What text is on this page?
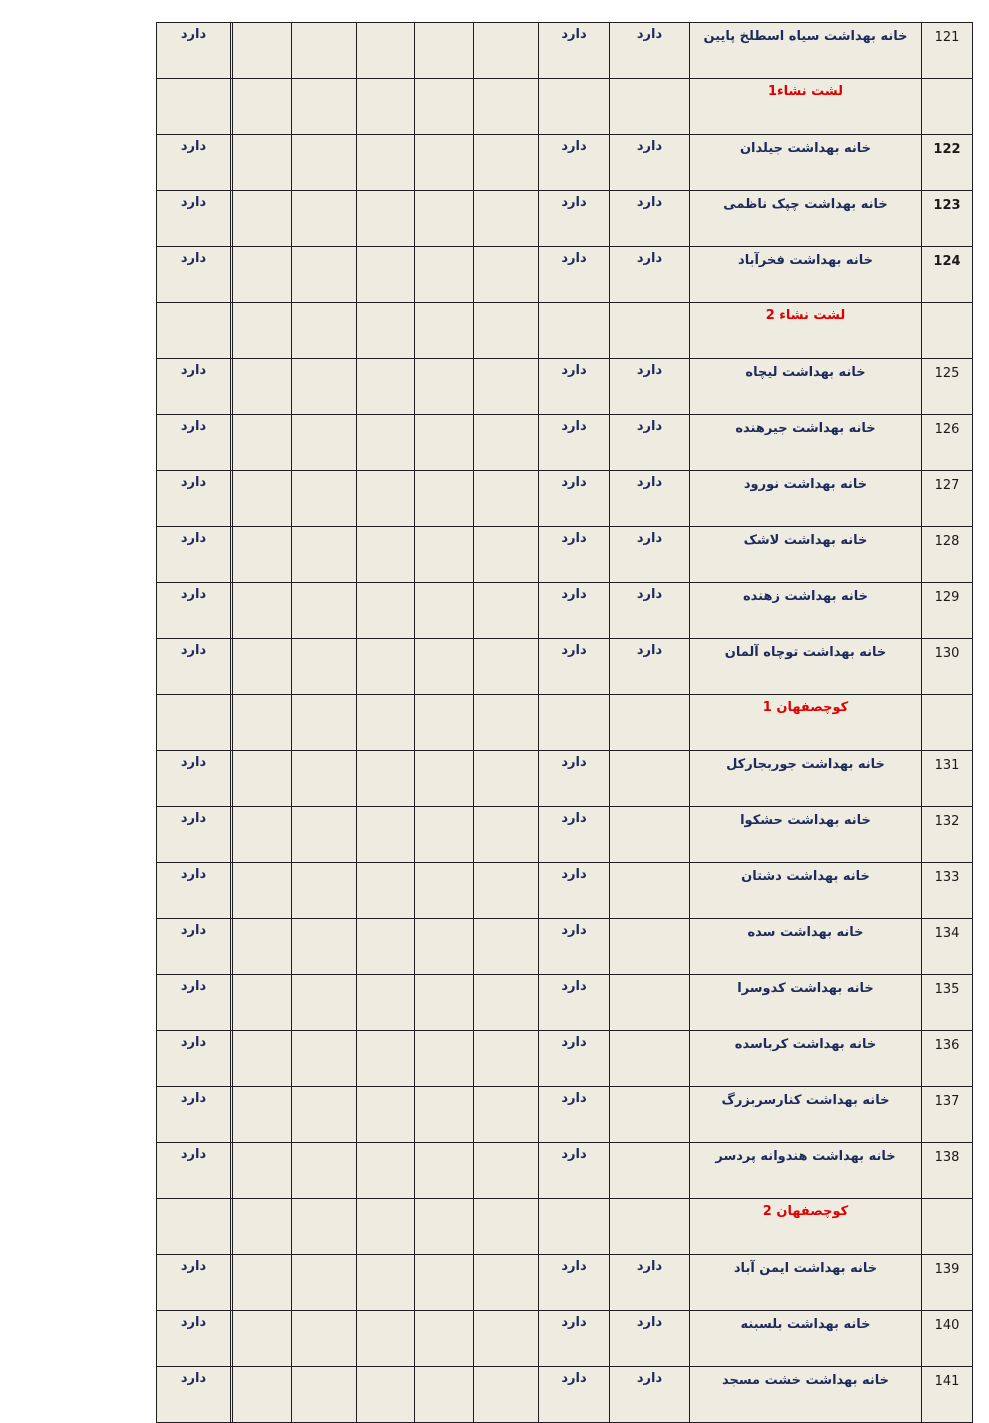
121	خانه بهداشت سیاه اسطلخ پایین	دارد	دارد							دارد
	لشت نشاء1									
122	خانه بهداشت جیلدان	دارد	دارد							دارد
123	خانه بهداشت چپک ناظمی	دارد	دارد							دارد
124	خانه بهداشت فخرآباد	دارد	دارد							دارد
	لشت نشاء 2									
125	خانه بهداشت لیچاه	دارد	دارد							دارد
126	خانه بهداشت جیرهنده	دارد	دارد							دارد
127	خانه بهداشت نورود	دارد	دارد							دارد
128	خانه بهداشت لاشک	دارد	دارد							دارد
129	خانه بهداشت زهنده	دارد	دارد							دارد
130	خانه بهداشت توچاه آلمان	دارد	دارد							دارد
	کوچصفهان 1									
131	خانه بهداشت جوربجارکل		دارد							دارد
132	خانه بهداشت حشکوا		دارد							دارد
133	خانه بهداشت دشتان		دارد							دارد
134	خانه بهداشت سده		دارد							دارد
135	خانه بهداشت کدوسرا		دارد							دارد
136	خانه بهداشت کرباسده		دارد							دارد
137	خانه بهداشت کنارسربزرگ		دارد							دارد
138	خانه بهداشت هندوانه پردسر		دارد							دارد
	کوچصفهان 2									
139	خانه بهداشت ایمن آباد	دارد	دارد							دارد
140	خانه بهداشت بلسبنه	دارد	دارد							دارد
141	خانه بهداشت خشت مسجد	دارد	دارد							دارد
